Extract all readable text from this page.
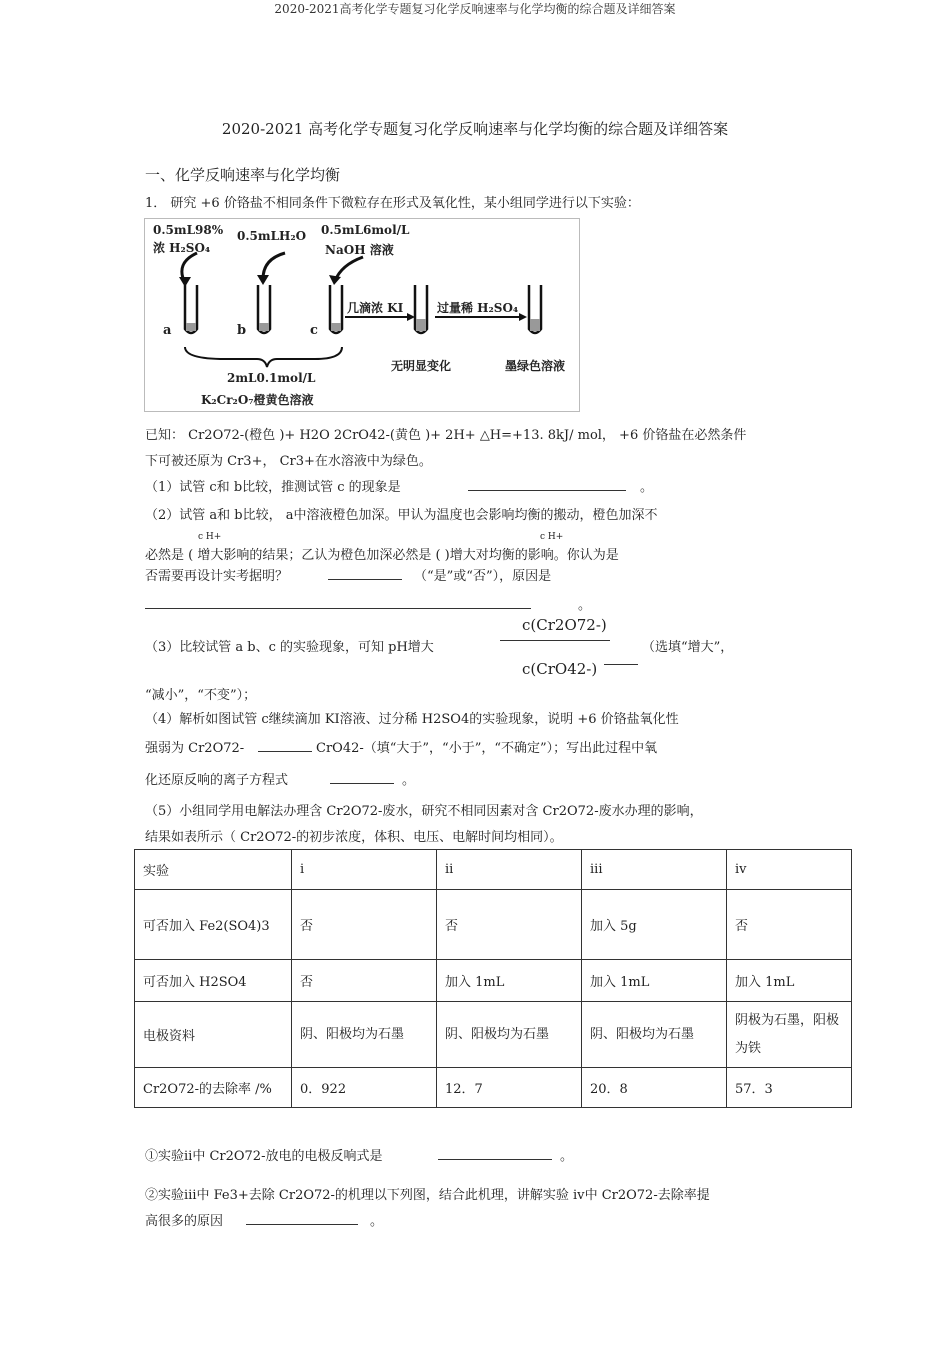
2020-2021高考化学专题复习化学反响速率与化学均衡的综合题及详细答案
2020-2021 高考化学专题复习化学反响速率与化学均衡的综合题及详细答案
一、化学反响速率与化学均衡
1． 研究 +6 价铬盐不相同条件下微粒存在形式及氧化性，某小组同学进行以下实验：
0.5mL98%
浓 H₂SO₄
0.5mLH₂O 0.5mL6mol/L
NaOH 溶液
a	b	c
几滴浓 KI	过量稀 H₂SO₄
无明显变化	墨绿色溶液
2mL0.1mol/L
K₂Cr₂O₇橙黄色溶液
已知： Cr2O72-(橙色 )+ H2O 2CrO42-(黄色 )+ 2H+ △H=+13. 8kJ/ mol， +6 价铬盐在必然条件
下可被还原为 Cr3+， Cr3+在水溶液中为绿色。
（1）试管 c和 b比较，推测试管 c 的现象是	。
（2）试管 a和 b比较， a中溶液橙色加深。甲认为温度也会影响均衡的搬动，橙色加深不
c H+	c H+
必然是 ( 增大影响的结果；乙认为橙色加深必然是 ( )增大对均衡的影响。你认为是
否需要再设计实考据明？	（“是”或“否”），原因是
。
（3）比较试管 a b、c 的实验现象，可知 pH增大
c(Cr2O72-)
c(CrO42-)
（选填“增大”，
“减小”，“不变”）；
（4）解析如图试管 c继续滴加 KI溶液、过分稀 H2SO4的实验现象，说明 +6 价铬盐氧化性
强弱为 Cr2O72-	CrO42-（填“大于”，“小于”，“不确定”）；写出此过程中氧
化还原反响的离子方程式	。
（5）小组同学用电解法办理含 Cr2O72-废水，研究不相同因素对含 Cr2O72-废水办理的影响，
结果如表所示（ Cr2O72-的初步浓度，体积、电压、电解时间均相同）。
实验	i	ii	iii	iv
可否加入 Fe2(SO4)3	否	否	加入 5g	否
可否加入 H2SO4	否	加入 1mL	加入 1mL	加入 1mL
电极资料	阴、阳极均为石墨	阴、阳极均为石墨	阴、阳极均为石墨	阴极为石墨，阳极为铁
Cr2O72-的去除率 /%	0．922	12．7	20．8	57．3
①实验ⅱ中 Cr2O72-放电的电极反响式是	。
②实验ⅲ中 Fe3+去除 Cr2O72-的机理以下列图，结合此机理，讲解实验 ⅳ中 Cr2O72-去除率提
高很多的原因	。
